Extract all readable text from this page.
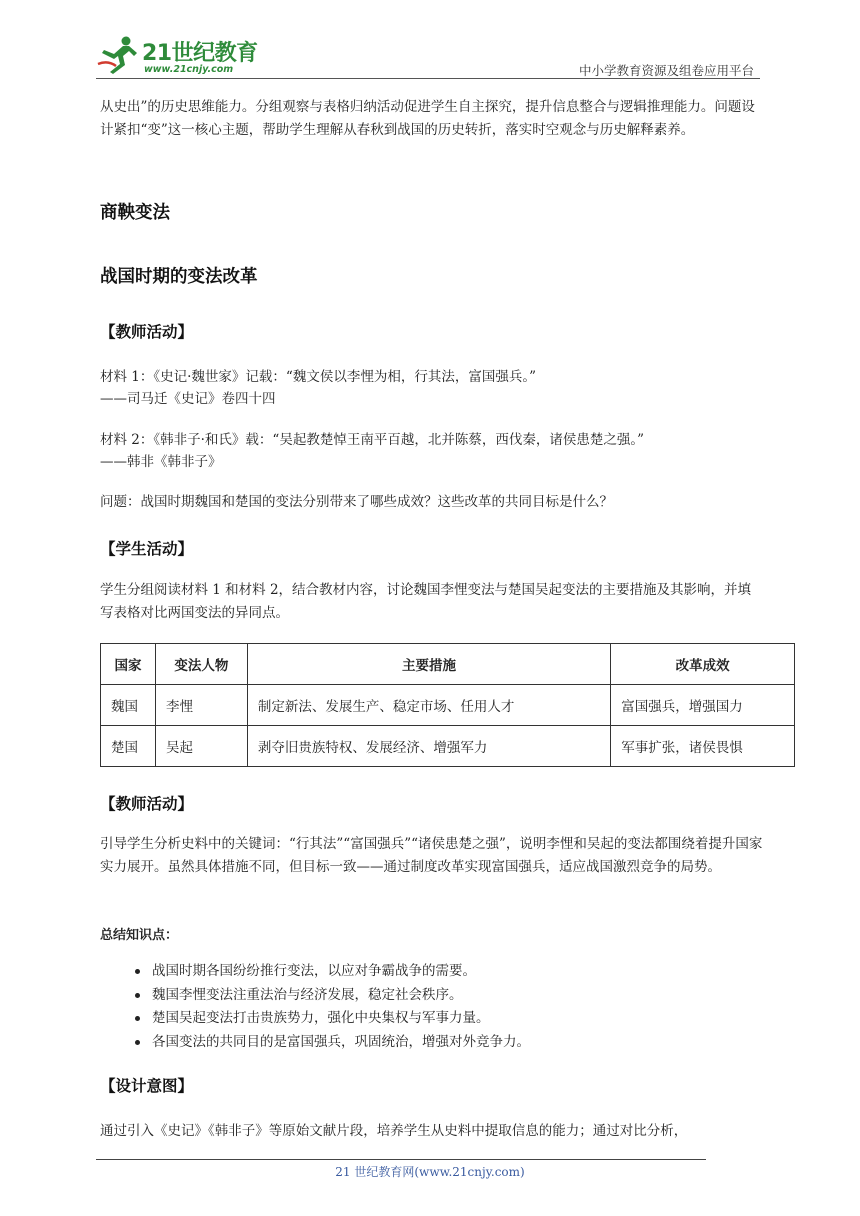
21世纪教育
www.21cnjy.com	中小学教育资源及组卷应用平台
从史出”的历史思维能力。分组观察与表格归纳活动促进学生自主探究，提升信息整合与逻辑推理能力。问题设计紧扣“变”这一核心主题，帮助学生理解从春秋到战国的历史转折，落实时空观念与历史解释素养。
商鞅变法
战国时期的变法改革
【教师活动】
材料 1：《史记·魏世家》记载：“魏文侯以李悝为相，行其法，富国强兵。”
——司马迁《史记》卷四十四
材料 2：《韩非子·和氏》载：“吴起教楚悼王南平百越，北并陈蔡，西伐秦，诸侯患楚之强。”
——韩非《韩非子》
问题：战国时期魏国和楚国的变法分别带来了哪些成效？这些改革的共同目标是什么？
【学生活动】
学生分组阅读材料 1 和材料 2，结合教材内容，讨论魏国李悝变法与楚国吴起变法的主要措施及其影响，并填写表格对比两国变法的异同点。
国家	变法人物	主要措施	改革成效
魏国	李悝	制定新法、发展生产、稳定市场、任用人才	富国强兵，增强国力
楚国	吴起	剥夺旧贵族特权、发展经济、增强军力	军事扩张，诸侯畏惧
【教师活动】
引导学生分析史料中的关键词：“行其法”“富国强兵”“诸侯患楚之强”，说明李悝和吴起的变法都围绕着提升国家实力展开。虽然具体措施不同，但目标一致——通过制度改革实现富国强兵，适应战国激烈竞争的局势。
总结知识点：
战国时期各国纷纷推行变法，以应对争霸战争的需要。
魏国李悝变法注重法治与经济发展，稳定社会秩序。
楚国吴起变法打击贵族势力，强化中央集权与军事力量。
各国变法的共同目的是富国强兵，巩固统治，增强对外竞争力。
【设计意图】
通过引入《史记》《韩非子》等原始文献片段，培养学生从史料中提取信息的能力；通过对比分析，
21 世纪教育网(www.21cnjy.com)
